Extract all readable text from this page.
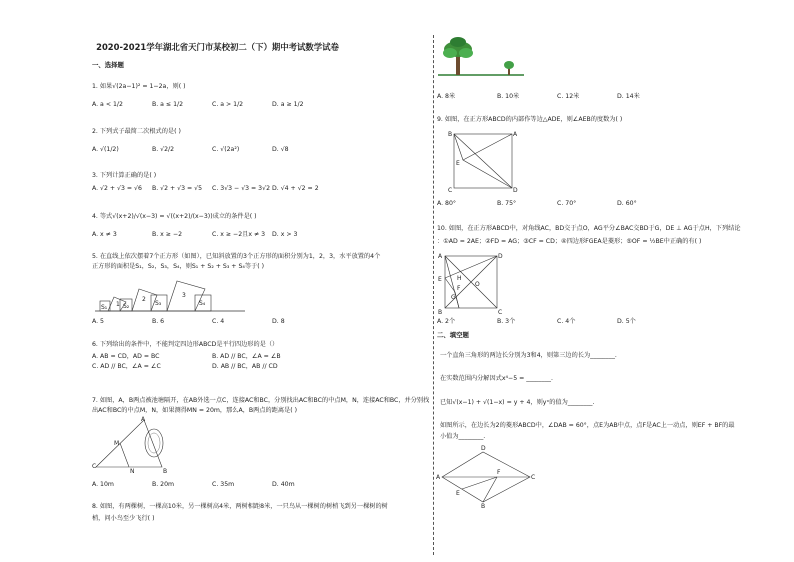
2020-2021学年湖北省天门市某校初二（下）期中考试数学试卷
一、选择题
1. 如果√(2a−1)² = 1−2a，则( )
A. a < 1/2	B. a ≤ 1/2	C. a > 1/2	D. a ≥ 1/2
2. 下列式子最简二次根式的是( )
A. √(1/2)	B. √2/2	C. √(2a²)	D. √8
3. 下列计算正确的是( )
A. √2 + √3 = √6 B. √2 + √3 = √5 C. 3√3 − √3 = 3√2 D. √4 + √2 = 2
4. 等式√(x+2)/√(x−3) = √((x+2)/(x−3))成立的条件是( )
A. x ≠ 3	B. x ≥ −2	C. x ≥ −2且x ≠ 3 D. x > 3
5. 在直线上依次摆着7个正方形（如图），已知斜放置的3个正方形的面积分别为1，2，3，水平放置的4个
正方形的面积是S₁，S₂，S₃，S₄，则S₁ + S₂ + S₃ + S₄等于( )
S₁ 1 S₂
2
S₃
3
S₄
A. 5	B. 6	C. 4	D. 8
6. 下列给出的条件中，不能判定四边形ABCD是平行四边形的是（）
A. AB = CD，AD = BC	B. AD // BC，∠A = ∠B
C. AD // BC，∠A = ∠C	D. AB // BC，AB // CD
7. 如图，A，B两点被池塘隔开，在AB外选一点C，连接AC和BC，分别找出AC和BC的中点M，N，连接AC和BC，并分别找
出AC和BC的中点M，N，如果测得MN = 20m，那么A，B两点的距离是( )
A
B
C
M
N
A. 10m	B. 20m	C. 35m	D. 40m
8. 如图，有两棵树，一棵高10米，另一棵树高4米，两树相距8米，一只鸟从一棵树的树梢飞到另一棵树的树
梢，问小鸟至少飞行( )
A. 8米	B. 10米	C. 12米	D. 14米
9. 如图，在正方形ABCD的内部作等边△ADE，则∠AEB的度数为( )
B	A
C	D
E
A. 80°	B. 75°	C. 70°	D. 60°
10. 如图，在正方形ABCD中，对角线AC，BD交于点O，AG平分∠BAC交BD于G，DE ⊥ AG于点H，下列结论
：①AD = 2AE；②FD = AG；③CF = CD；④四边形FGEA是菱形；⑤OF = ½BE中正确的有( )
A	D
B	C
E
F
G
H
O
A. 2个	B. 3个	C. 4个	D. 5个
二、填空题
一个直角三角形的两边长分别为3和4，则第三边的长为________.
在实数范围内分解因式x⁴−5 = ________.
已知√(x−1) + √(1−x) = y + 4，则yˣ的值为________.
如图所示，在边长为2的菱形ABCD中，∠DAB = 60°，点E为AB中点，点F是AC上一动点，则EF + BF的最
小值为________.
D
A	C
B
E
F
